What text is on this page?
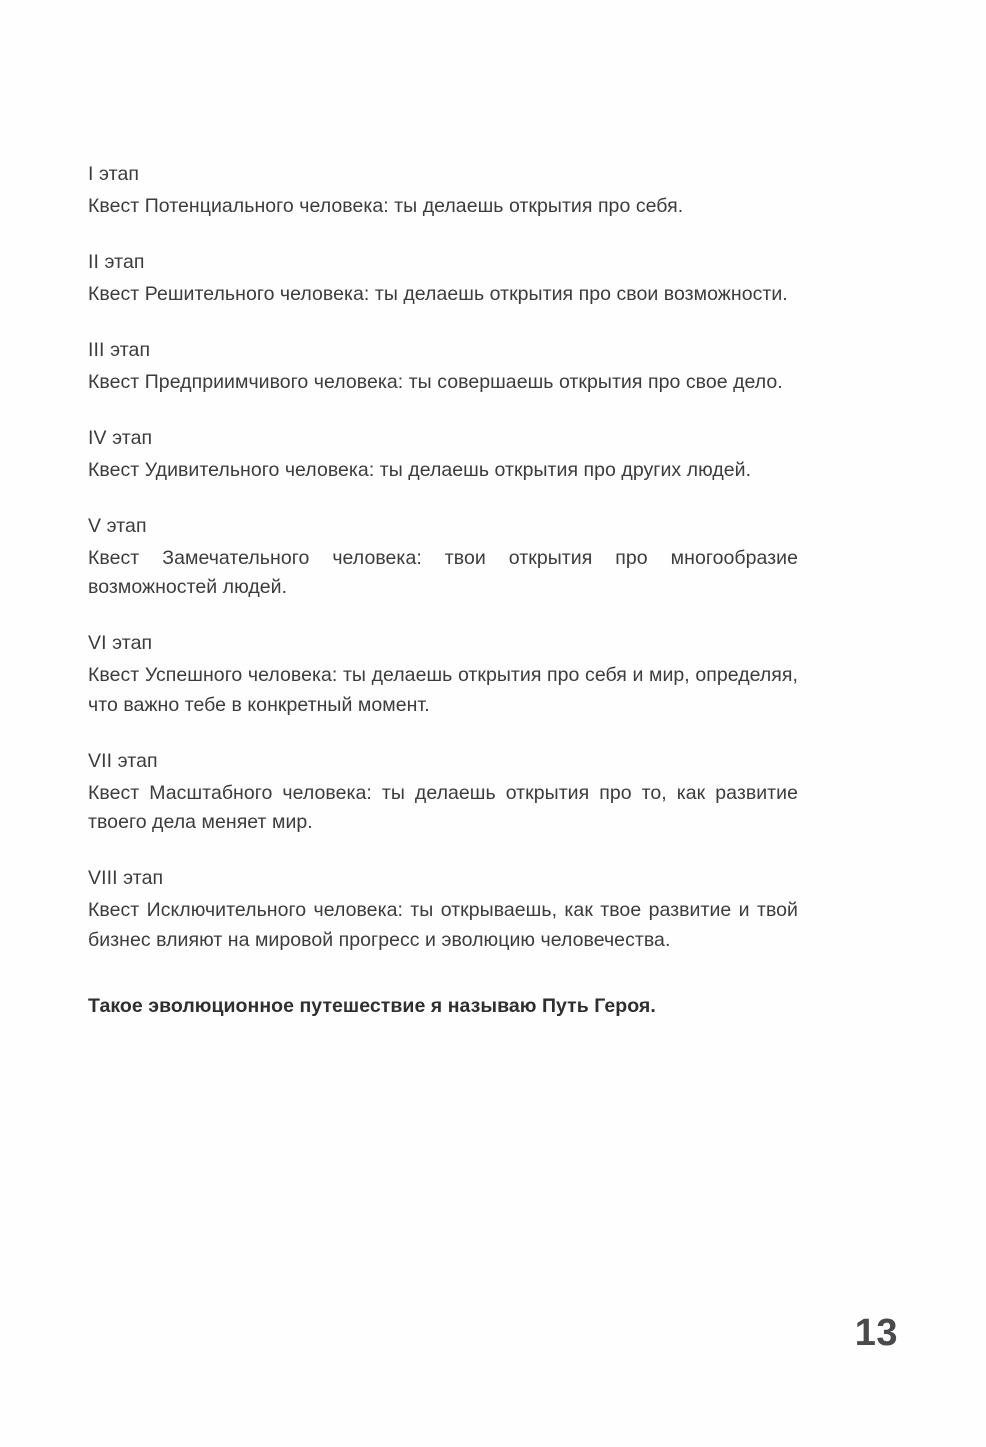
I этап
Квест Потенциального человека: ты делаешь открытия про себя.
II этап
Квест Решительного человека: ты делаешь открытия про свои возможности.
III этап
Квест Предприимчивого человека: ты совершаешь открытия про свое дело.
IV этап
Квест Удивительного человека: ты делаешь открытия про других людей.
V этап
Квест Замечательного человека: твои открытия про многообразие возможностей людей.
VI этап
Квест Успешного человека: ты делаешь открытия про себя и мир, определяя, что важно тебе в конкретный момент.
VII этап
Квест Масштабного человека: ты делаешь открытия про то, как развитие твоего дела меняет мир.
VIII этап
Квест Исключительного человека: ты открываешь, как твое развитие и твой бизнес влияют на мировой прогресс и эволюцию человечества.
Такое эволюционное путешествие я называю Путь Героя.
13
